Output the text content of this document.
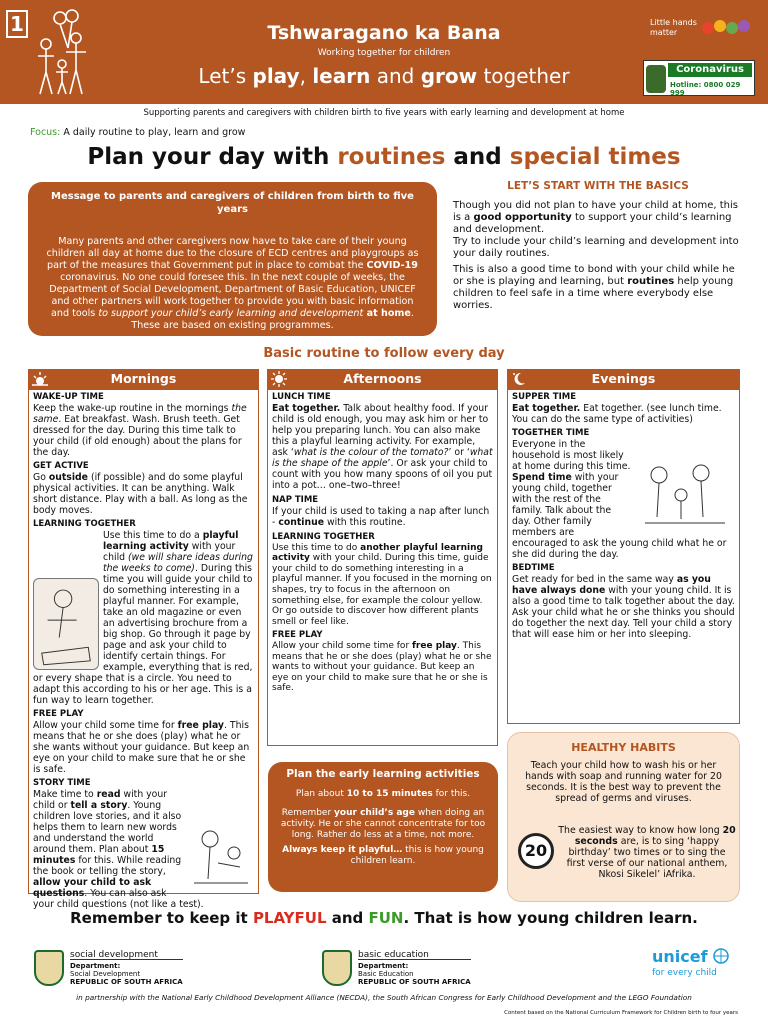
1	Tshwaragano ka Bana
Working together for children
Let’s play, learn and grow together
Little hands
matter
Coronavirus
Hotline: 0800 029 999
Supporting parents and caregivers with children birth to five years with early learning and development at home
Focus: A daily routine to play, learn and grow
Plan your day with routines and special times
Message to parents and caregivers of children from birth to five years
Many parents and other caregivers now have to take care of their young children all day at home due to the closure of ECD centres and playgroups as part of the measures that Government put in place to combat the COVID-19 coronavirus. No one could foresee this. In the next couple of weeks, the Department of Social Development, Department of Basic Education, UNICEF and other partners will work together to provide you with basic information and tools to support your child’s early learning and development at home. These are based on existing programmes.
LET’S START WITH THE BASICS

Though you did not plan to have your child at home, this is a good opportunity to support your child’s learning and development.

Try to include your child’s learning and development into your daily routines.

This is also a good time to bond with your child while he or she is playing and learning, but routines help young children to feel safe in a time where everybody else worries.

Basic routine to follow every day
Mornings
WAKE-UP TIME
Keep the wake-up routine in the mornings the same. Eat breakfast. Wash. Brush teeth. Get dressed for the day. During this time talk to your child (if old enough) about the plans for the day.
GET ACTIVE
Go outside (if possible) and do some playful physical activities. It can be anything. Walk short distance. Play with a ball. As long as the body moves.
LEARNING TOGETHER
Use this time to do a playful learning activity with your child (we will share ideas during the weeks to come). During this time you will guide your child to do something interesting in a playful manner. For example, take an old magazine or even an advertising brochure from a big shop. Go through it page by page and ask your child to identify certain things. For example, everything that is red, or every shape that is a circle. You need to adapt this according to his or her age. This is a fun way to learn together.
FREE PLAY
Allow your child some time for free play. This means that he or she does (play) what he or she wants without your guidance. But keep an eye on your child to make sure that he or she is safe.
STORY TIME
Make time to read with your child or tell a story. Young children love stories, and it also helps them to learn new words and understand the world around them. Plan about 15 minutes for this. While reading the book or telling the story, allow your child to ask questions. You can also ask your child questions (not like a test).
Afternoons
LUNCH TIME
Eat together. Talk about healthy food. If your child is old enough, you may ask him or her to help you preparing lunch. You can also make this a playful learning activity. For example, ask ‘what is the colour of the tomato?’ or ‘what is the shape of the apple’. Or ask your child to count with you how many spoons of oil you put into a pot… one–two–three!
NAP TIME
If your child is used to taking a nap after lunch - continue with this routine.
LEARNING TOGETHER
Use this time to do another playful learning activity with your child. During this time, guide your child to do something interesting in a playful manner. If you focused in the morning on shapes, try to focus in the afternoon on something else, for example the colour yellow. Or go outside to discover how different plants smell or feel like.
FREE PLAY
Allow your child some time for free play. This means that he or she does (play) what he or she wants to without your guidance. But keep an eye on your child to make sure that he or she is safe.
Evenings
SUPPER TIME
Eat together. Eat together. (see lunch time. You can do the same type of activities)
TOGETHER TIME
Everyone in the household is most likely at home during this time. Spend time with your young child, together with the rest of the family. Talk about the day. Other family members are encouraged to ask the young child what he or she did during the day.
BEDTIME
Get ready for bed in the same way as you have always done with your young child. It is also a good time to talk together about the day. Ask your child what he or she thinks you should do together the next day. Tell your child a story that will ease him or her into sleeping.
Plan the early learning activities

Plan about 10 to 15 minutes for this.

Remember your child’s age when doing an activity. He or she cannot concentrate for too long. Rather do less at a time, not more.

Always keep it playful… this is how young children learn.

HEALTHY HABITS

Teach your child how to wash his or her hands with soap and running water for 20 seconds. It is the best way to prevent the spread of germs and viruses.

20

The easiest way to know how long 20 seconds are, is to sing ‘happy birthday’ two times or to sing the first verse of our national anthem, Nkosi Sikelel’ iAfrika.

Remember to keep it PLAYFUL and FUN. That is how young children learn.
social development
Department:
Social Development
REPUBLIC OF SOUTH AFRICA
basic education
Department:
Basic Education
REPUBLIC OF SOUTH AFRICA
unicef
for every child
in partnership with the National Early Childhood Development Alliance (NECDA), the South African Congress for Early Childhood Development and the LEGO Foundation
Content based on the National Curriculum Framework for Children birth to four years
